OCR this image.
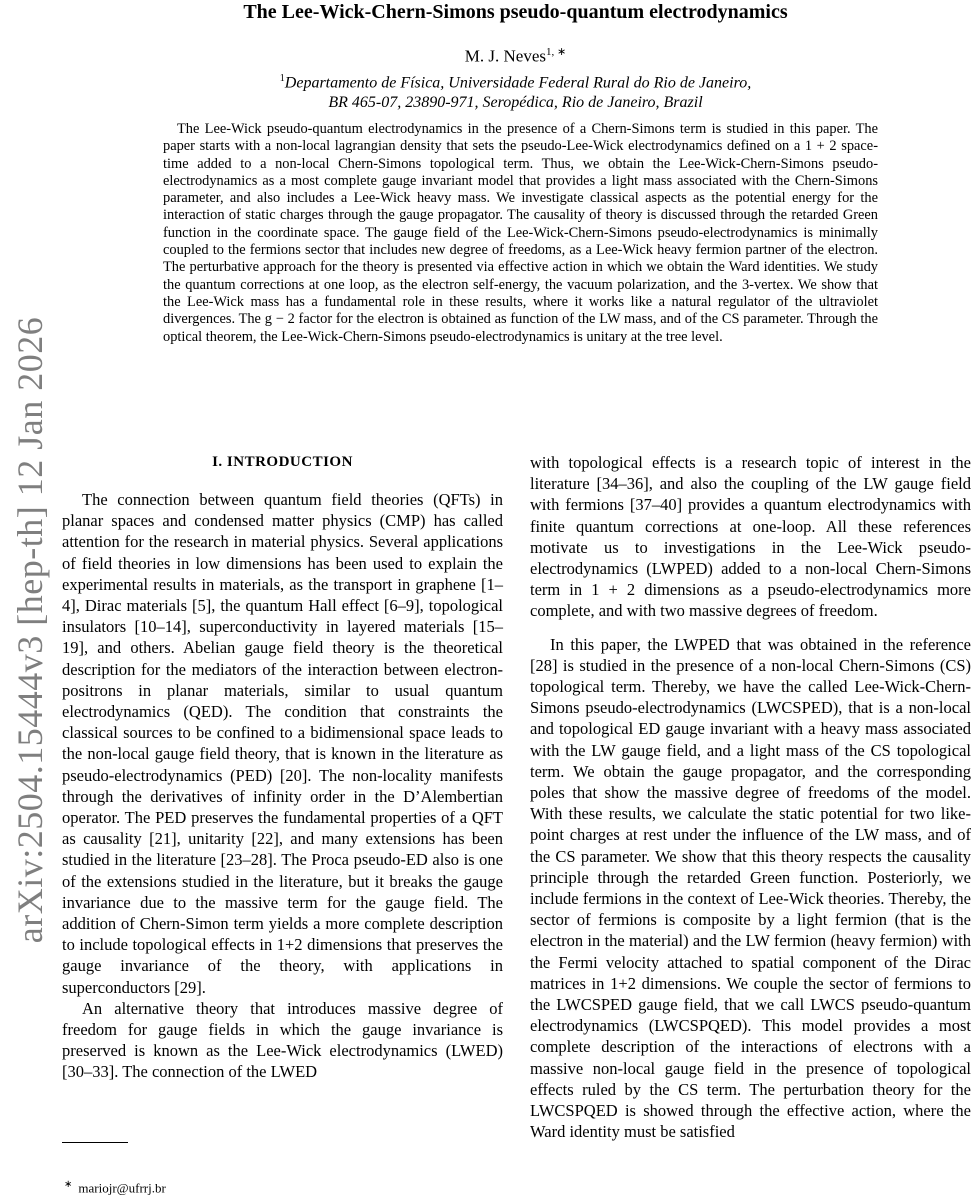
arXiv:2504.15444v3 [hep-th] 12 Jan 2026
The Lee-Wick-Chern-Simons pseudo-quantum electrodynamics
M. J. Neves$^{1, ∗}$
$^1$Departamento de Física, Universidade Federal Rural do Rio de Janeiro,
BR 465-07, 23890-971, Seropédica, Rio de Janeiro, Brazil

The Lee-Wick pseudo-quantum electrodynamics in the presence of a Chern-Simons term is studied in this paper. The paper starts with a non-local lagrangian density that sets the pseudo-Lee-Wick electrodynamics defined on a 1 + 2 space-time added to a non-local Chern-Simons topological term. Thus, we obtain the Lee-Wick-Chern-Simons pseudo-electrodynamics as a most complete gauge invariant model that provides a light mass associated with the Chern-Simons parameter, and also includes a Lee-Wick heavy mass. We investigate classical aspects as the potential energy for the interaction of static charges through the gauge propagator. The causality of theory is discussed through the retarded Green function in the coordinate space. The gauge field of the Lee-Wick-Chern-Simons pseudo-electrodynamics is minimally coupled to the fermions sector that includes new degree of freedoms, as a Lee-Wick heavy fermion partner of the electron. The perturbative approach for the theory is presented via effective action in which we obtain the Ward identities. We study the quantum corrections at one loop, as the electron self-energy, the vacuum polarization, and the 3-vertex. We show that the Lee-Wick mass has a fundamental role in these results, where it works like a natural regulator of the ultraviolet divergences. The g − 2 factor for the electron is obtained as function of the LW mass, and of the CS parameter. Through the optical theorem, the Lee-Wick-Chern-Simons pseudo-electrodynamics is unitary at the tree level.

I. INTRODUCTION

The connection between quantum field theories (QFTs) in planar spaces and condensed matter physics (CMP) has called attention for the research in material physics. Several applications of field theories in low dimensions has been used to explain the experimental results in materials, as the transport in graphene [1–4], Dirac materials [5], the quantum Hall effect [6–9], topological insulators [10–14], superconductivity in layered materials [15–19], and others. Abelian gauge field theory is the theoretical description for the mediators of the interaction between electron-positrons in planar materials, similar to usual quantum electrodynamics (QED). The condition that constraints the classical sources to be confined to a bidimensional space leads to the non-local gauge field theory, that is known in the literature as pseudo-electrodynamics (PED) [20]. The non-locality manifests through the derivatives of infinity order in the D’Alembertian operator. The PED preserves the fundamental properties of a QFT as causality [21], unitarity [22], and many extensions has been studied in the literature [23–28]. The Proca pseudo-ED also is one of the extensions studied in the literature, but it breaks the gauge invariance due to the massive term for the gauge field. The addition of Chern-Simon term yields a more complete description to include topological effects in 1+2 dimensions that preserves the gauge invariance of the theory, with applications in superconductors [29].

An alternative theory that introduces massive degree of freedom for gauge fields in which the gauge invariance is preserved is known as the Lee-Wick electrodynamics (LWED) [30–33]. The connection of the LWED

with topological effects is a research topic of interest in the literature [34–36], and also the coupling of the LW gauge field with fermions [37–40] provides a quantum electrodynamics with finite quantum corrections at one-loop. All these references motivate us to investigations in the Lee-Wick pseudo-electrodynamics (LWPED) added to a non-local Chern-Simons term in 1 + 2 dimensions as a pseudo-electrodynamics more complete, and with two massive degrees of freedom.

In this paper, the LWPED that was obtained in the reference [28] is studied in the presence of a non-local Chern-Simons (CS) topological term. Thereby, we have the called Lee-Wick-Chern-Simons pseudo-electrodynamics (LWCSPED), that is a non-local and topological ED gauge invariant with a heavy mass associated with the LW gauge field, and a light mass of the CS topological term. We obtain the gauge propagator, and the corresponding poles that show the massive degree of freedoms of the model. With these results, we calculate the static potential for two like-point charges at rest under the influence of the LW mass, and of the CS parameter. We show that this theory respects the causality principle through the retarded Green function. Posteriorly, we include fermions in the context of Lee-Wick theories. Thereby, the sector of fermions is composite by a light fermion (that is the electron in the material) and the LW fermion (heavy fermion) with the Fermi velocity attached to spatial component of the Dirac matrices in 1+2 dimensions. We couple the sector of fermions to the LWCSPED gauge field, that we call LWCS pseudo-quantum electrodynamics (LWCSPQED). This model provides a most complete description of the interactions of electrons with a massive non-local gauge field in the presence of topological effects ruled by the CS term. The perturbation theory for the LWCSPQED is showed through the effective action, where the Ward identity must be satisfied

∗ mariojr@ufrrj.br
